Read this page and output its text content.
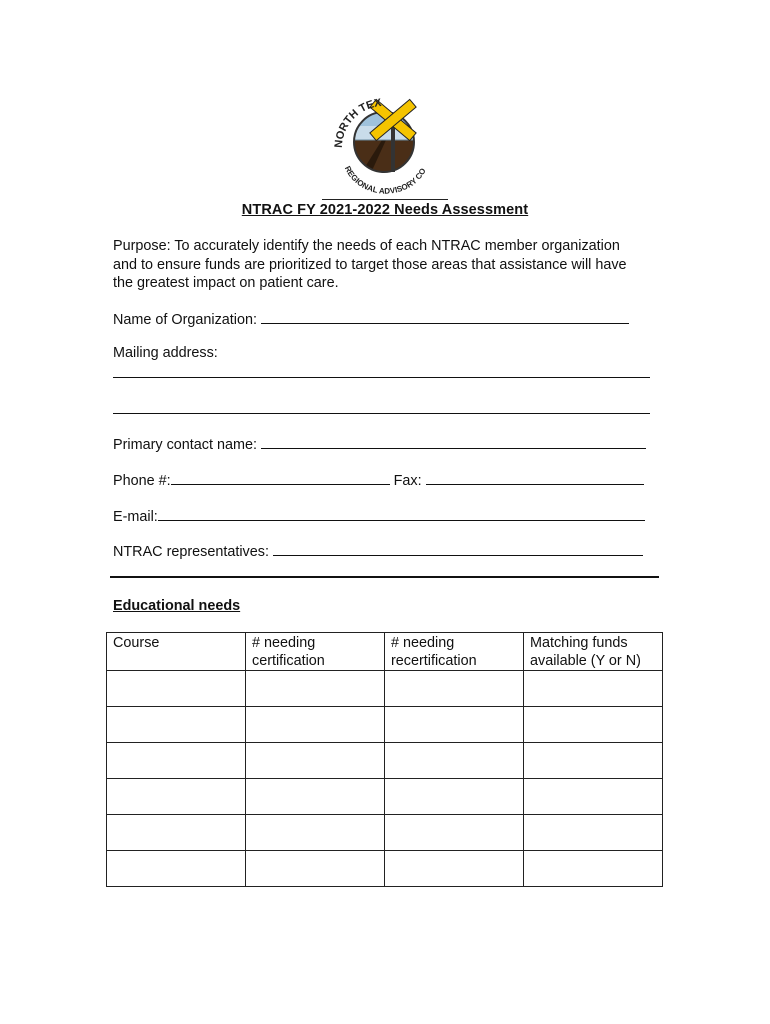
NORTH TEX
REGIONAL ADVISORY CO
NTRAC FY 2021-2022 Needs Assessment
Purpose: To accurately identify the needs of each NTRAC member organization
and to ensure funds are prioritized to target those areas that assistance will have
the greatest impact on patient care.
Name of Organization:
Mailing address:
Primary contact name:
Phone #:	Fax:
E-mail:
NTRAC representatives:
Educational needs
Course	# needing certification	# needing recertification	Matching funds available (Y or N)
